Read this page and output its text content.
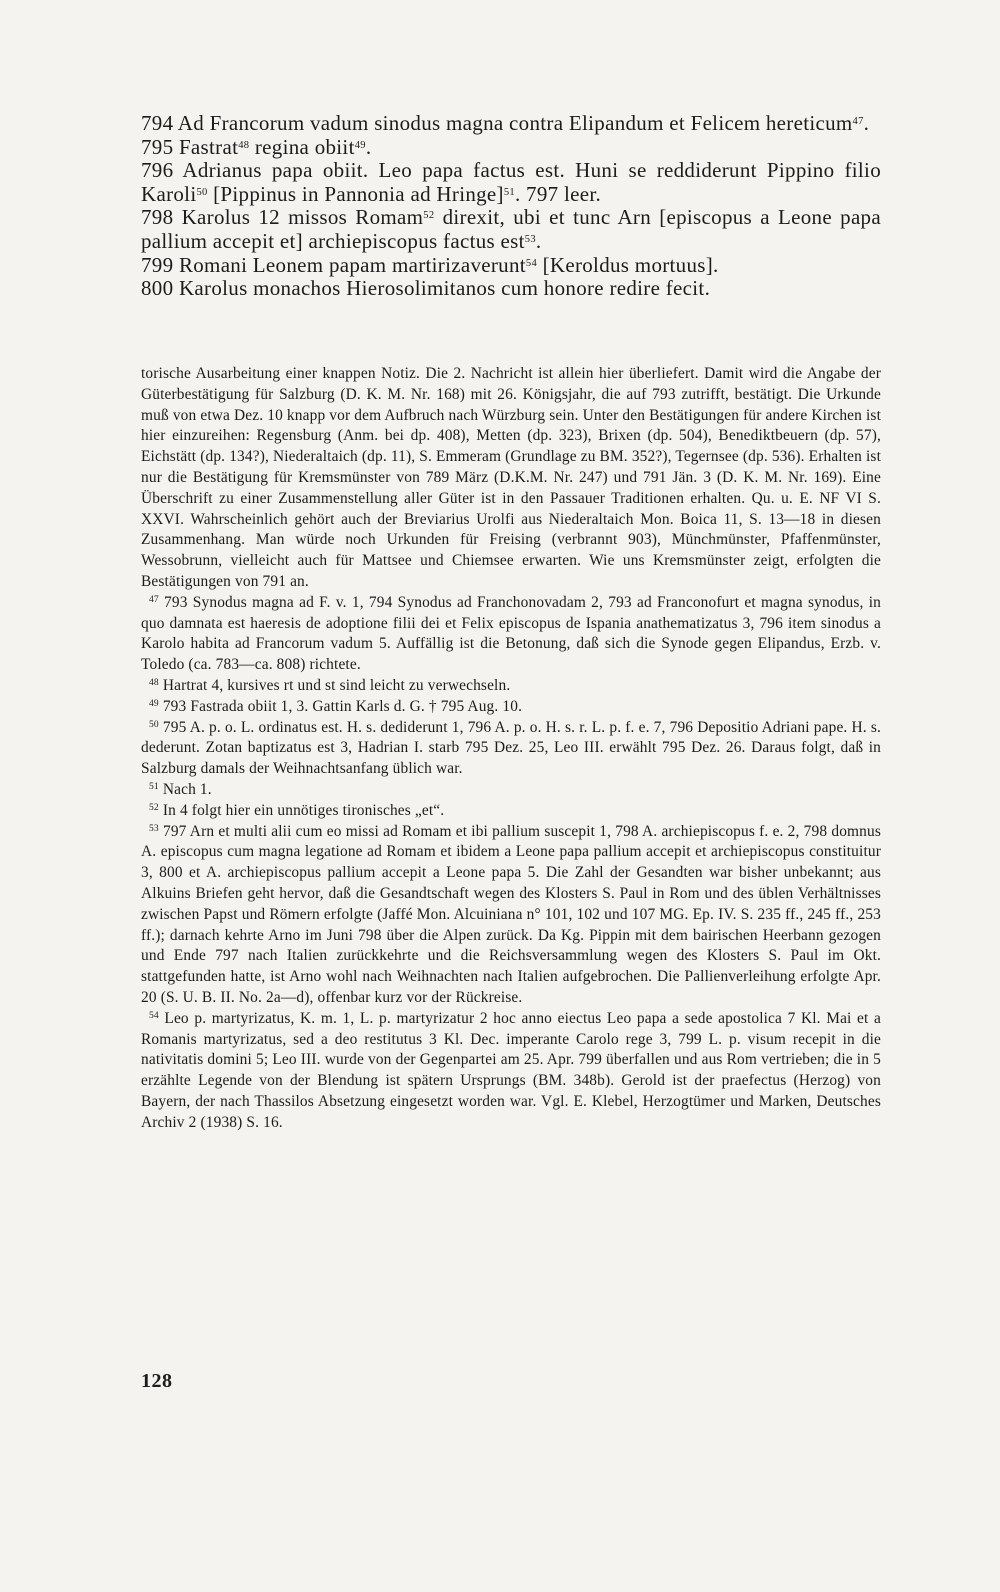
794 Ad Francorum vadum sinodus magna contra Elipandum et Felicem hereticum$^{47}$.

795 Fastrat$^{48}$ regina obiit$^{49}$.

796 Adrianus papa obiit. Leo papa factus est. Huni se reddiderunt Pippino filio Karoli$^{50}$ [Pippinus in Pannonia ad Hringe]$^{51}$. 797 leer.

798 Karolus 12 missos Romam$^{52}$ direxit, ubi et tunc Arn [episcopus a Leone papa pallium accepit et] archiepiscopus factus est$^{53}$.

799 Romani Leonem papam martirizaverunt$^{54}$ [Keroldus mortuus].

800 Karolus monachos Hierosolimitanos cum honore redire fecit.

torische Ausarbeitung einer knappen Notiz. Die 2. Nachricht ist allein hier überliefert. Damit wird die Angabe der Güterbestätigung für Salzburg (D. K. M. Nr. 168) mit 26. Königsjahr, die auf 793 zutrifft, bestätigt. Die Urkunde muß von etwa Dez. 10 knapp vor dem Aufbruch nach Würzburg sein. Unter den Bestätigungen für andere Kirchen ist hier einzureihen: Regensburg (Anm. bei dp. 408), Metten (dp. 323), Brixen (dp. 504), Benediktbeuern (dp. 57), Eichstätt (dp. 134?), Niederaltaich (dp. 11), S. Emmeram (Grundlage zu BM. 352?), Tegernsee (dp. 536). Erhalten ist nur die Bestätigung für Kremsmünster von 789 März (D.K.M. Nr. 247) und 791 Jän. 3 (D. K. M. Nr. 169). Eine Überschrift zu einer Zusammenstellung aller Güter ist in den Passauer Traditionen erhalten. Qu. u. E. NF VI S. XXVI. Wahrscheinlich gehört auch der Breviarius Urolfi aus Niederaltaich Mon. Boica 11, S. 13—18 in diesen Zusammenhang. Man würde noch Urkunden für Freising (verbrannt 903), Münchmünster, Pfaffenmünster, Wessobrunn, vielleicht auch für Mattsee und Chiemsee erwarten. Wie uns Kremsmünster zeigt, erfolgten die Bestätigungen von 791 an.

$^{47}$ 793 Synodus magna ad F. v. 1, 794 Synodus ad Franchonovadam 2, 793 ad Franconofurt et magna synodus, in quo damnata est haeresis de adoptione filii dei et Felix episcopus de Ispania anathematizatus 3, 796 item sinodus a Karolo habita ad Francorum vadum 5. Auffällig ist die Betonung, daß sich die Synode gegen Elipandus, Erzb. v. Toledo (ca. 783—ca. 808) richtete.

$^{48}$ Hartrat 4, kursives rt und st sind leicht zu verwechseln.

$^{49}$ 793 Fastrada obiit 1, 3. Gattin Karls d. G. † 795 Aug. 10.

$^{50}$ 795 A. p. o. L. ordinatus est. H. s. dediderunt 1, 796 A. p. o. H. s. r. L. p. f. e. 7, 796 Depositio Adriani pape. H. s. dederunt. Zotan baptizatus est 3, Hadrian I. starb 795 Dez. 25, Leo III. erwählt 795 Dez. 26. Daraus folgt, daß in Salzburg damals der Weihnachtsanfang üblich war.

$^{51}$ Nach 1.

$^{52}$ In 4 folgt hier ein unnötiges tironisches „et“.

$^{53}$ 797 Arn et multi alii cum eo missi ad Romam et ibi pallium suscepit 1, 798 A. archiepiscopus f. e. 2, 798 domnus A. episcopus cum magna legatione ad Romam et ibidem a Leone papa pallium accepit et archiepiscopus constituitur 3, 800 et A. archiepiscopus pallium accepit a Leone papa 5. Die Zahl der Gesandten war bisher unbekannt; aus Alkuins Briefen geht hervor, daß die Gesandtschaft wegen des Klosters S. Paul in Rom und des üblen Verhältnisses zwischen Papst und Römern erfolgte (Jaffé Mon. Alcuiniana n° 101, 102 und 107 MG. Ep. IV. S. 235 ff., 245 ff., 253 ff.); darnach kehrte Arno im Juni 798 über die Alpen zurück. Da Kg. Pippin mit dem bairischen Heerbann gezogen und Ende 797 nach Italien zurückkehrte und die Reichsversammlung wegen des Klosters S. Paul im Okt. stattgefunden hatte, ist Arno wohl nach Weihnachten nach Italien aufgebrochen. Die Pallienverleihung erfolgte Apr. 20 (S. U. B. II. No. 2a—d), offenbar kurz vor der Rückreise.

$^{54}$ Leo p. martyrizatus, K. m. 1, L. p. martyrizatur 2 hoc anno eiectus Leo papa a sede apostolica 7 Kl. Mai et a Romanis martyrizatus, sed a deo restitutus 3 Kl. Dec. imperante Carolo rege 3, 799 L. p. visum recepit in die nativitatis domini 5; Leo III. wurde von der Gegenpartei am 25. Apr. 799 überfallen und aus Rom vertrieben; die in 5 erzählte Legende von der Blendung ist spätern Ursprungs (BM. 348b). Gerold ist der praefectus (Herzog) von Bayern, der nach Thassilos Absetzung eingesetzt worden war. Vgl. E. Klebel, Herzogtümer und Marken, Deutsches Archiv 2 (1938) S. 16.

128
